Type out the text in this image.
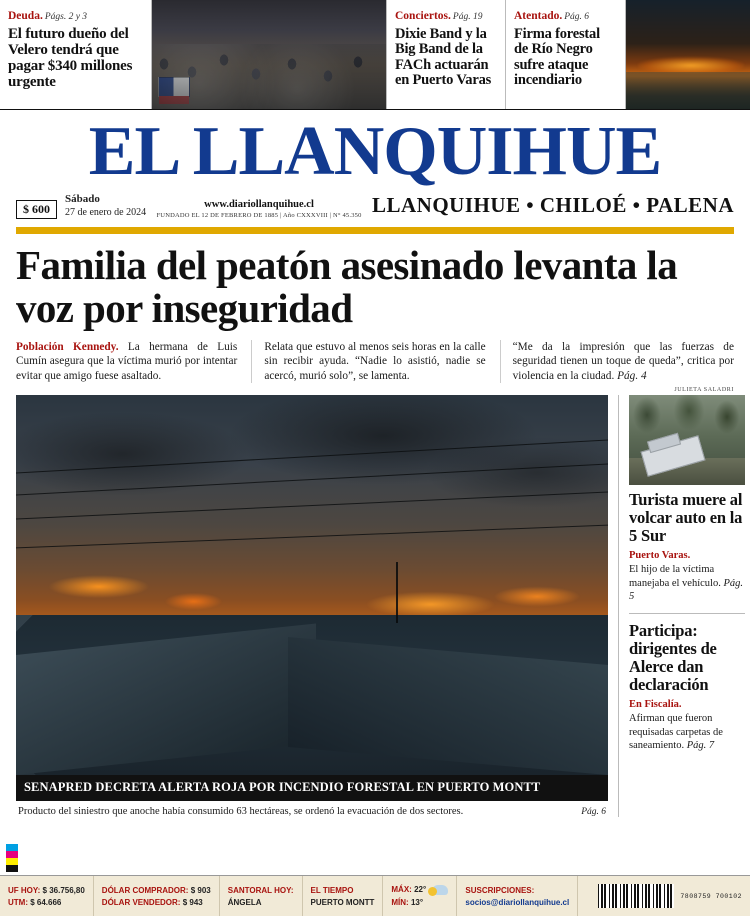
Deuda. Págs. 2 y 3
El futuro dueño del Velero tendrá que pagar $340 millones urgente
Conciertos. Pág. 19
Dixie Band y la Big Band de la FACh actuarán en Puerto Varas
Atentado. Pág. 6
Firma forestal de Río Negro sufre ataque incendiario
EL LLANQUIHUE
$ 600
Sábado
27 de enero de 2024
www.diariollanquihue.cl
FUNDADO EL 12 DE FEBRERO DE 1885 | Año CXXXVIII | N° 45.350 LLANQUIHUE • CHILOÉ • PALENA
Familia del peatón asesinado levanta la voz por inseguridad
Población Kennedy. La hermana de Luis Cumín asegura que la víctima murió por intentar evitar que amigo fuese asaltado.
Relata que estuvo al menos seis horas en la calle sin recibir ayuda. “Nadie lo asistió, nadie se acercó, murió solo”, se lamenta.
“Me da la impresión que las fuerzas de seguridad tienen un toque de queda”, critica por violencia en la ciudad. Pág. 4
JULIETA SALADRI
SENAPRED DECRETA ALERTA ROJA POR INCENDIO FORESTAL EN PUERTO MONTT
Producto del siniestro que anoche había consumido 63 hectáreas, se ordenó la evacuación de dos sectores.	Pág. 6
Turista muere al volcar auto en la 5 Sur
Puerto Varas.
El hijo de la víctima manejaba el vehículo. Pág. 5
Participa: dirigentes de Alerce dan declaración
En Fiscalía.
Afirman que fueron requisadas carpetas de saneamiento. Pág. 7
UF HOY: $ 36.756,80
UTM: $ 64.666
DÓLAR COMPRADOR: $ 903
DÓLAR VENDEDOR: $ 943
SANTORAL HOY:
ÁNGELA
EL TIEMPO
PUERTO MONTT
MÁX: 22°
MÍN: 13°
SUSCRIPCIONES:
socios@diariollanquihue.cl
7808759 700102
